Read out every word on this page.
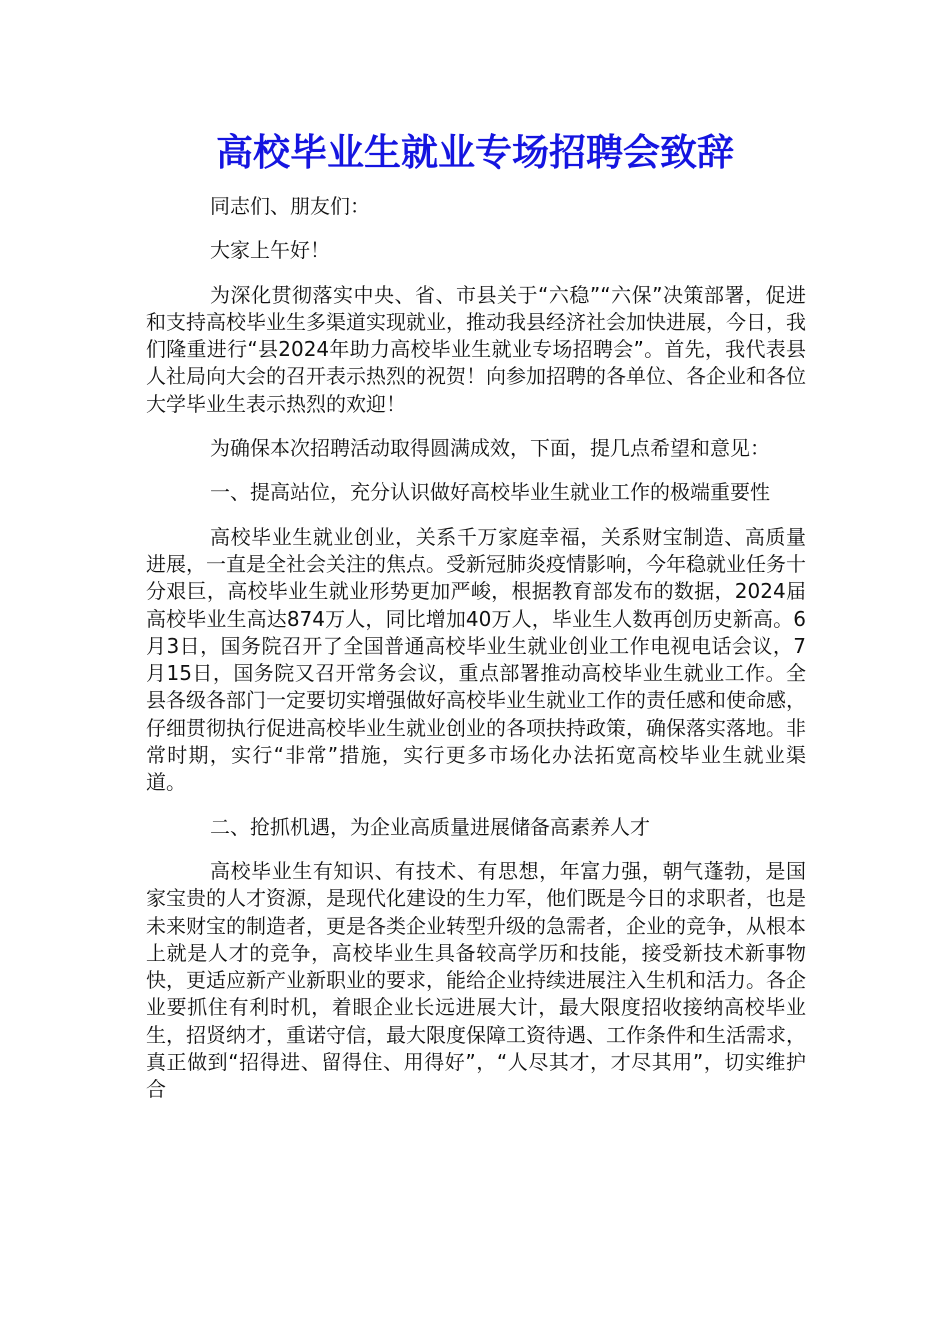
高校毕业生就业专场招聘会致辞

同志们、朋友们：

大家上午好！

为深化贯彻落实中央、省、市县关于“六稳”“六保”决策部署，促进和支持高校毕业生多渠道实现就业，推动我县经济社会加快进展，今日，我们隆重进行“县2024年助力高校毕业生就业专场招聘会”。首先，我代表县人社局向大会的召开表示热烈的祝贺！向参加招聘的各单位、各企业和各位大学毕业生表示热烈的欢迎！

为确保本次招聘活动取得圆满成效，下面，提几点希望和意见：

一、提高站位，充分认识做好高校毕业生就业工作的极端重要性

高校毕业生就业创业，关系千万家庭幸福，关系财宝制造、高质量进展，一直是全社会关注的焦点。受新冠肺炎疫情影响，今年稳就业任务十分艰巨，高校毕业生就业形势更加严峻，根据教育部发布的数据，2024届高校毕业生高达874万人，同比增加40万人，毕业生人数再创历史新高。6月3日，国务院召开了全国普通高校毕业生就业创业工作电视电话会议，7月15日，国务院又召开常务会议，重点部署推动高校毕业生就业工作。全县各级各部门一定要切实增强做好高校毕业生就业工作的责任感和使命感，仔细贯彻执行促进高校毕业生就业创业的各项扶持政策，确保落实落地。非常时期，实行“非常”措施，实行更多市场化办法拓宽高校毕业生就业渠道。

二、抢抓机遇，为企业高质量进展储备高素养人才

高校毕业生有知识、有技术、有思想，年富力强，朝气蓬勃，是国家宝贵的人才资源，是现代化建设的生力军，他们既是今日的求职者，也是未来财宝的制造者，更是各类企业转型升级的急需者，企业的竞争，从根本上就是人才的竞争，高校毕业生具备较高学历和技能，接受新技术新事物快，更适应新产业新职业的要求，能给企业持续进展注入生机和活力。各企业要抓住有利时机，着眼企业长远进展大计，最大限度招收接纳高校毕业生，招贤纳才，重诺守信，最大限度保障工资待遇、工作条件和生活需求，真正做到“招得进、留得住、用得好”，“人尽其才，才尽其用”，切实维护合
